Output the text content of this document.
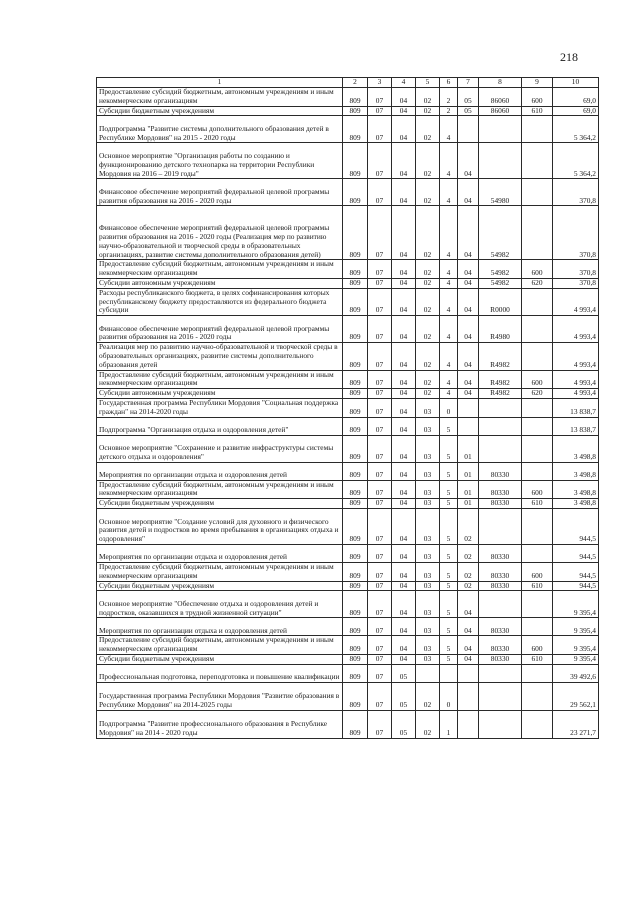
218
1	2	3	4	5	6	7	8	9	10
Предоставление субсидий бюджетным, автономным учреждениям и иным некоммерческим организациям	809	07	04	02	2	05	86060	600	69,0
Субсидии бюджетным учреждениям	809	07	04	02	2	05	86060	610	69,0
Подпрограмма "Развитие системы дополнительного образования детей в Республике Мордовия" на 2015 - 2020 годы	809	07	04	02	4				5 364,2
Основное мероприятие "Организация работы по созданию и функционированию детского технопарка на территории Республики Мордовия на 2016 – 2019 годы"	809	07	04	02	4	04			5 364,2
Финансовое обеспечение мероприятий федеральной целевой программы развития образования на 2016 - 2020 годы	809	07	04	02	4	04	54980		370,8
Финансовое обеспечение мероприятий федеральной целевой программы развития образования на 2016 - 2020 годы (Реализация мер по развитию научно-образовательной и творческой среды в образовательных организациях, развитие системы дополнительного образования детей)	809	07	04	02	4	04	54982		370,8
Предоставление субсидий бюджетным, автономным учреждениям и иным некоммерческим организациям	809	07	04	02	4	04	54982	600	370,8
Субсидии автономным учреждениям	809	07	04	02	4	04	54982	620	370,8
Расходы республиканского бюджета, в целях софинансирования которых республиканскому бюджету предоставляются из федерального бюджета субсидии	809	07	04	02	4	04	R0000		4 993,4
Финансовое обеспечение мероприятий федеральной целевой программы развития образования на 2016 - 2020 годы	809	07	04	02	4	04	R4980		4 993,4
Реализация мер по развитию научно-образовательной и творческой среды в образовательных организациях, развитие системы дополнительного образования детей	809	07	04	02	4	04	R4982		4 993,4
Предоставление субсидий бюджетным, автономным учреждениям и иным некоммерческим организациям	809	07	04	02	4	04	R4982	600	4 993,4
Субсидии автономным учреждениям	809	07	04	02	4	04	R4982	620	4 993,4
Государственная программа Республики Мордовия "Социальная поддержка граждан" на 2014-2020 годы	809	07	04	03	0				13 838,7
Подпрограмма "Организация отдыха и оздоровления детей"	809	07	04	03	5				13 838,7
Основное мероприятие "Сохранение и развитие инфраструктуры системы детского отдыха и оздоровления"	809	07	04	03	5	01			3 498,8
Мероприятия по организации отдыха и оздоровления детей	809	07	04	03	5	01	80330		3 498,8
Предоставление субсидий бюджетным, автономным учреждениям и иным некоммерческим организациям	809	07	04	03	5	01	80330	600	3 498,8
Субсидии бюджетным учреждениям	809	07	04	03	5	01	80330	610	3 498,8
Основное мероприятие "Создание условий для духовного и физического развития детей и подростков во время пребывания в организациях отдыха и оздоровления"	809	07	04	03	5	02			944,5
Мероприятия по организации отдыха и оздоровления детей	809	07	04	03	5	02	80330		944,5
Предоставление субсидий бюджетным, автономным учреждениям и иным некоммерческим организациям	809	07	04	03	5	02	80330	600	944,5
Субсидии бюджетным учреждениям	809	07	04	03	5	02	80330	610	944,5
Основное мероприятие "Обеспечение отдыха и оздоровления детей и подростков, оказавшихся в трудной жизненной ситуации"	809	07	04	03	5	04			9 395,4
Мероприятия по организации отдыха и оздоровления детей	809	07	04	03	5	04	80330		9 395,4
Предоставление субсидий бюджетным, автономным учреждениям и иным некоммерческим организациям	809	07	04	03	5	04	80330	600	9 395,4
Субсидии бюджетным учреждениям	809	07	04	03	5	04	80330	610	9 395,4
Профессиональная подготовка, переподготовка и повышение квалификации	809	07	05						39 492,6
Государственная программа Республики Мордовия "Развитие образования в Республике Мордовия" на 2014-2025 годы	809	07	05	02	0				29 562,1
Подпрограмма "Развитие профессионального образования в Республике Мордовия" на 2014 - 2020 годы	809	07	05	02	1				23 271,7
